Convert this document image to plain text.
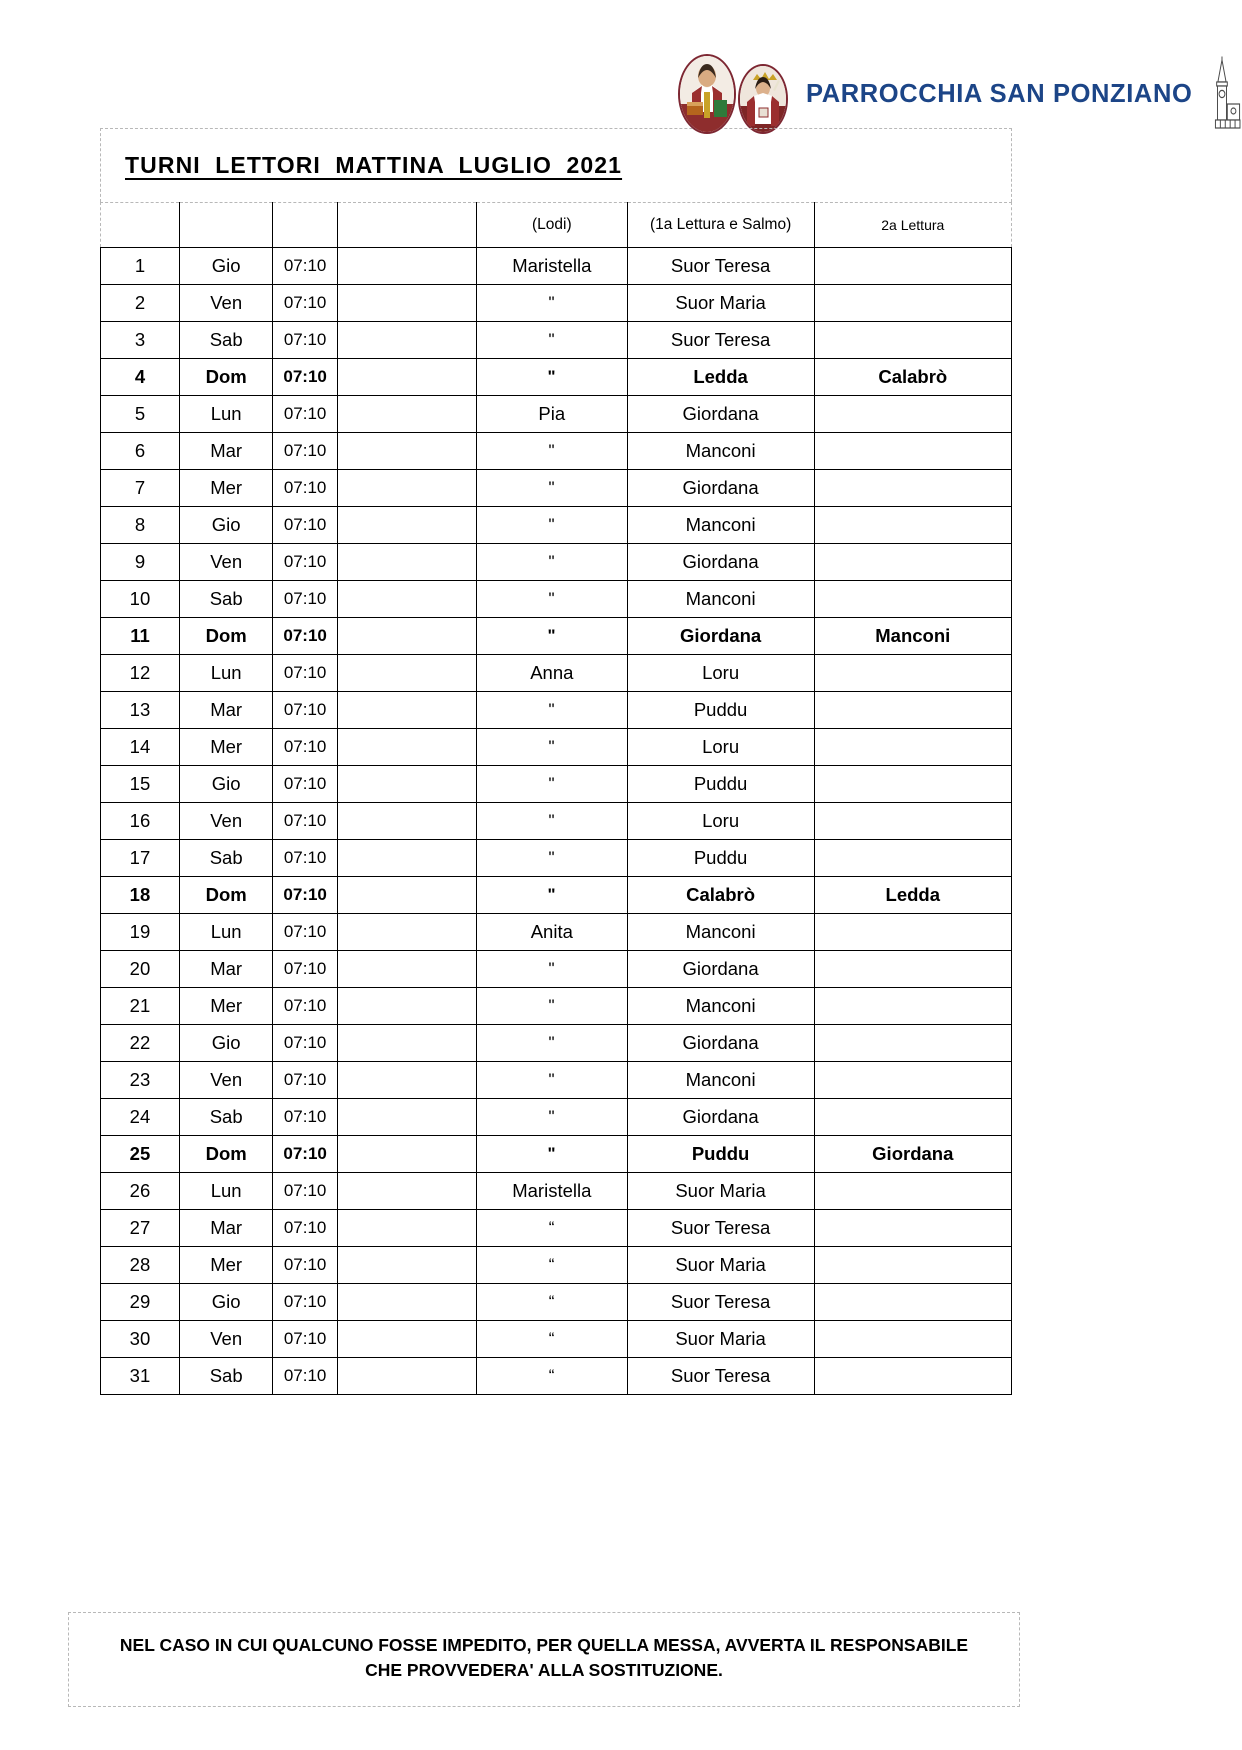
PARROCCHIA SAN PONZIANO
TURNI LETTORI MATTINA LUGLIO 2021
				(Lodi)	(1a Lettura e Salmo)	2a Lettura
1	Gio	07:10		Maristella	Suor Teresa	
2	Ven	07:10		"	Suor Maria	
3	Sab	07:10		"	Suor Teresa	
4	Dom	07:10		"	Ledda	Calabrò
5	Lun	07:10		Pia	Giordana	
6	Mar	07:10		"	Manconi	
7	Mer	07:10		"	Giordana	
8	Gio	07:10		"	Manconi	
9	Ven	07:10		"	Giordana	
10	Sab	07:10		"	Manconi	
11	Dom	07:10		"	Giordana	Manconi
12	Lun	07:10		Anna	Loru	
13	Mar	07:10		"	Puddu	
14	Mer	07:10		"	Loru	
15	Gio	07:10		"	Puddu	
16	Ven	07:10		"	Loru	
17	Sab	07:10		"	Puddu	
18	Dom	07:10		"	Calabrò	Ledda
19	Lun	07:10		Anita	Manconi	
20	Mar	07:10		"	Giordana	
21	Mer	07:10		"	Manconi	
22	Gio	07:10		"	Giordana	
23	Ven	07:10		"	Manconi	
24	Sab	07:10		"	Giordana	
25	Dom	07:10		"	Puddu	Giordana
26	Lun	07:10		Maristella	Suor Maria	
27	Mar	07:10		“	Suor Teresa	
28	Mer	07:10		“	Suor Maria	
29	Gio	07:10		“	Suor Teresa	
30	Ven	07:10		“	Suor Maria	
31	Sab	07:10		“	Suor Teresa	
NEL CASO IN CUI QUALCUNO FOSSE IMPEDITO, PER QUELLA MESSA, AVVERTA IL RESPONSABILE
CHE PROVVEDERA' ALLA SOSTITUZIONE.
